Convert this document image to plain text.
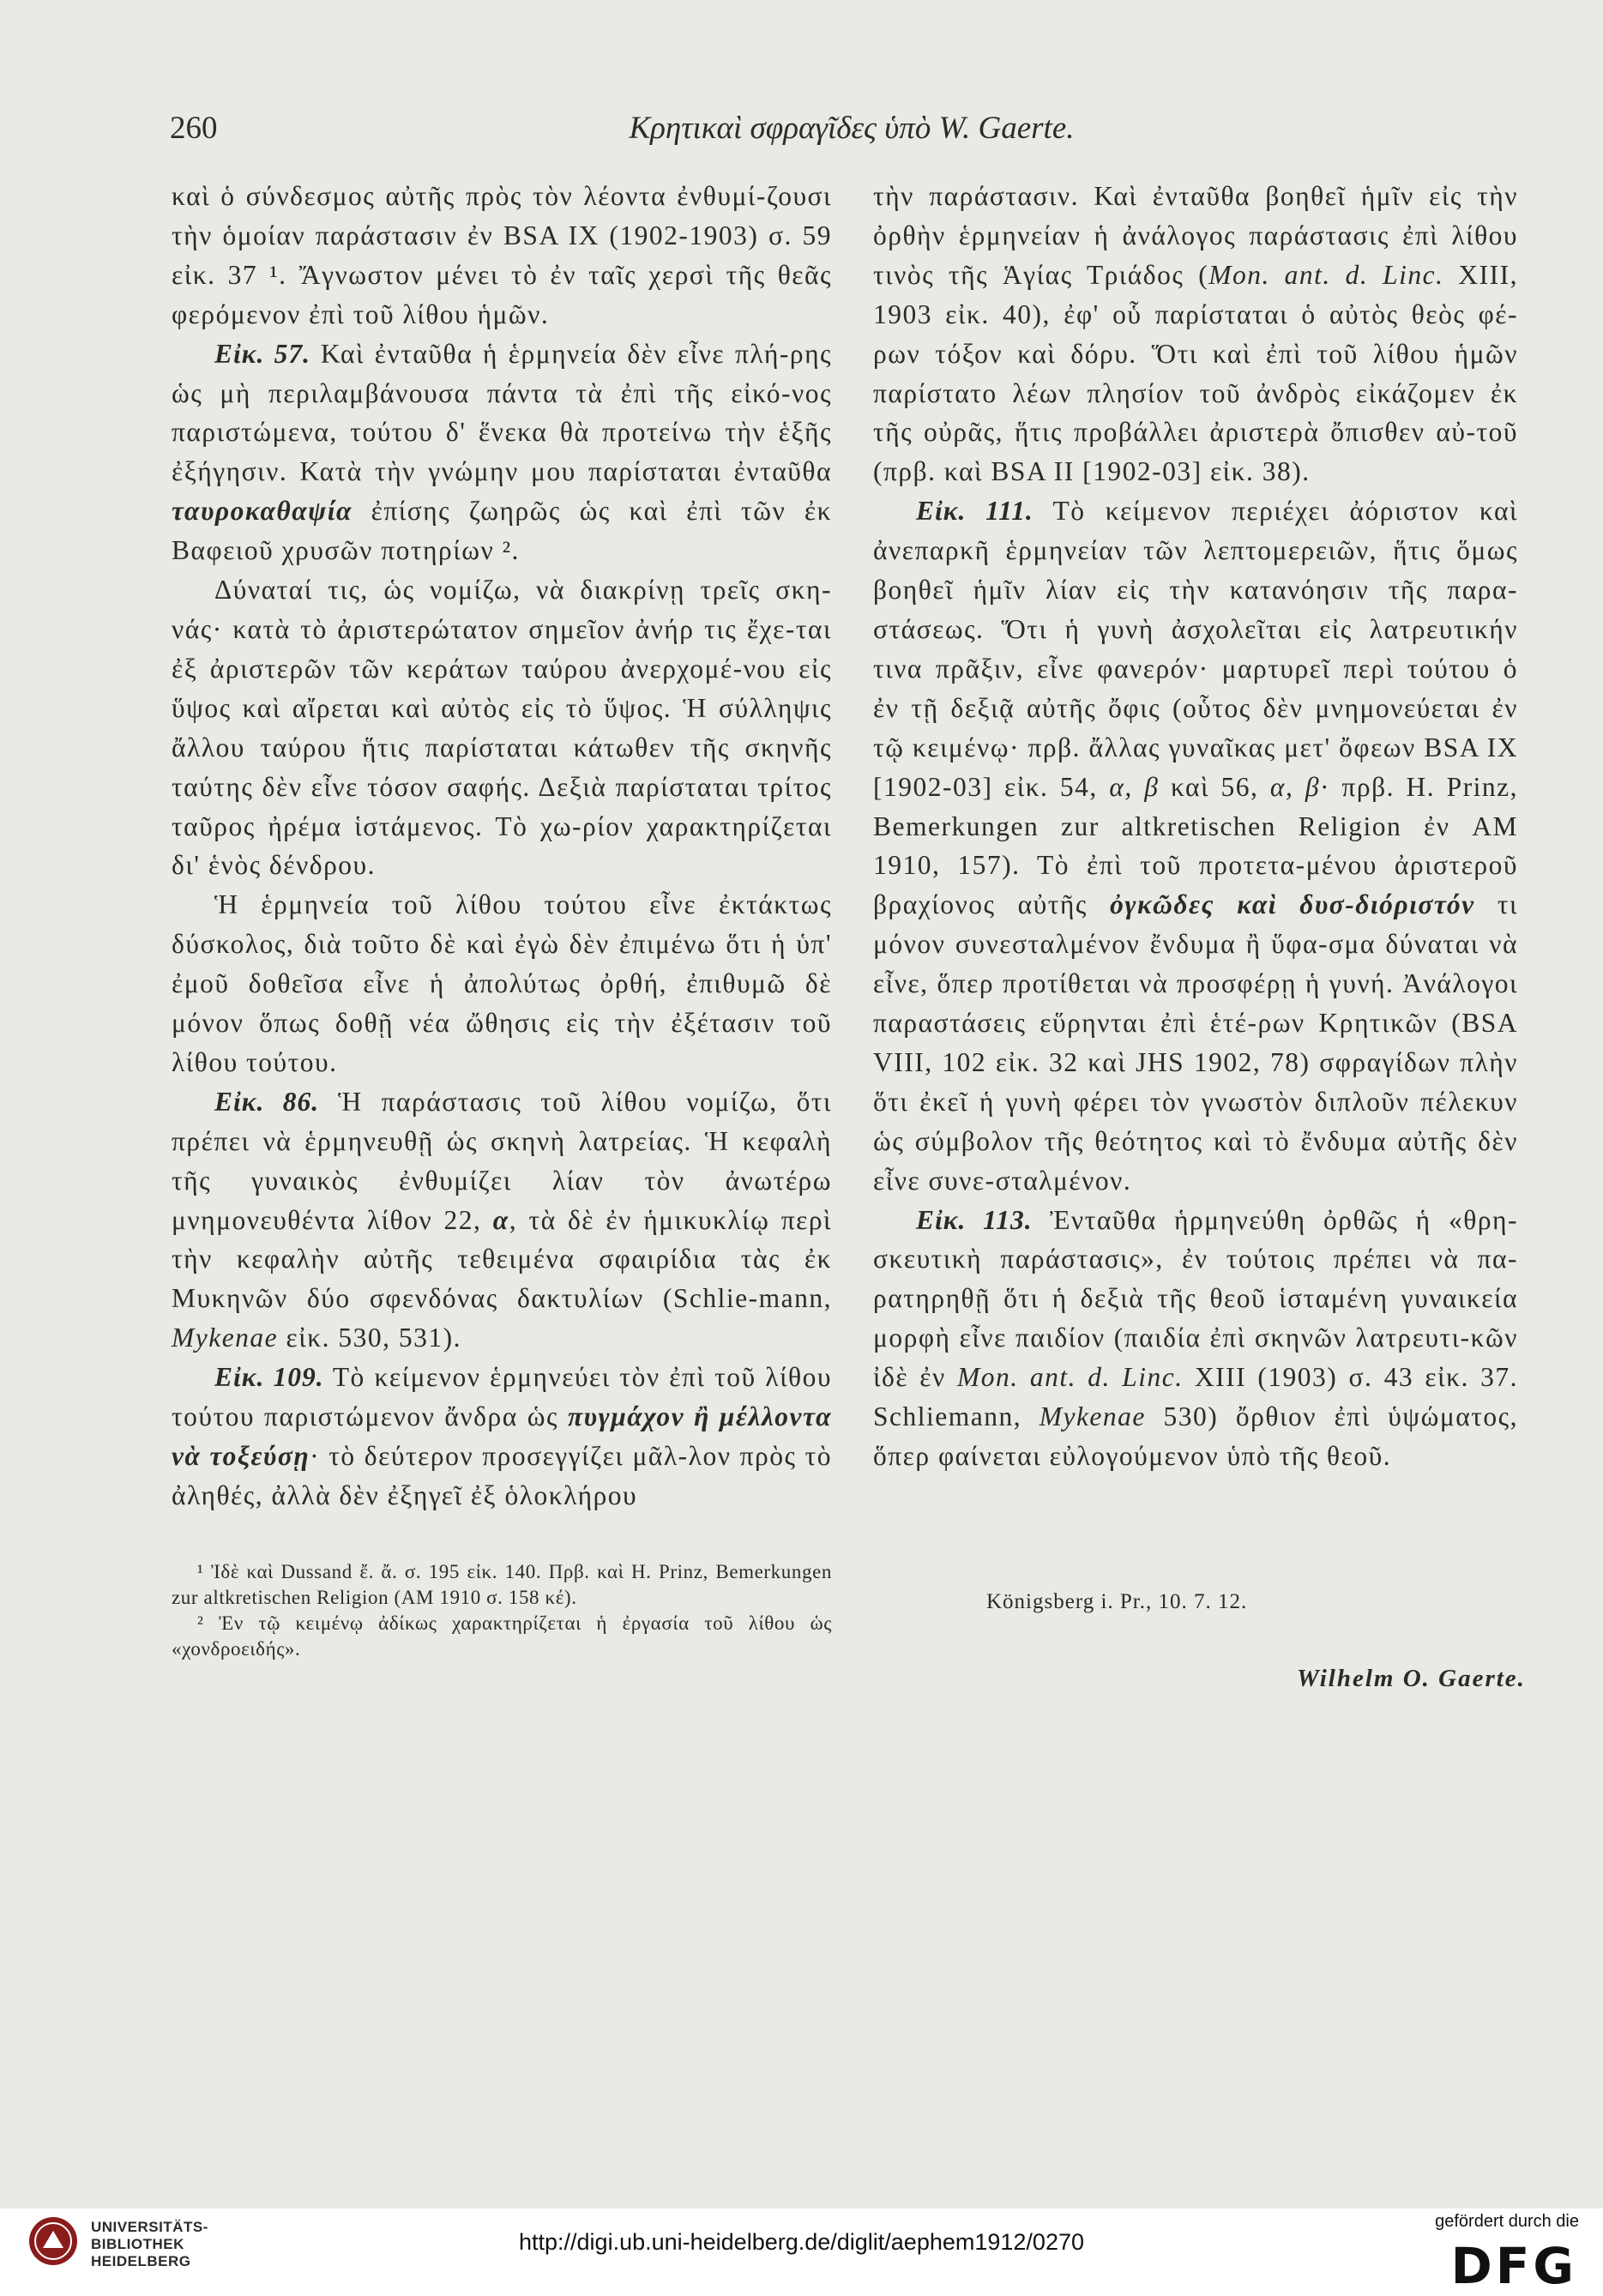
260	Κρητικαὶ σφραγῖδες ὑπὸ W. Gaerte.

καὶ ὁ σύνδεσμος αὐτῆς πρὸς τὸν λέοντα ἐνθυμί-ζουσι τὴν ὁμοίαν παράστασιν ἐν BSA IX (1902-1903) σ. 59 εἰκ. 37 ¹. Ἄγνωστον μένει τὸ ἐν ταῖς χερσὶ τῆς θεᾶς φερόμενον ἐπὶ τοῦ λίθου ἡμῶν.

Εἰκ. 57. Καὶ ἐνταῦθα ἡ ἑρμηνεία δὲν εἶνε πλή-ρης ὡς μὴ περιλαμβάνουσα πάντα τὰ ἐπὶ τῆς εἰκό-νος παριστώμενα, τούτου δ' ἕνεκα θὰ προτείνω τὴν ἑξῆς ἐξήγησιν. Κατὰ τὴν γνώμην μου παρίσταται ἐνταῦθα ταυροκαθαψία ἐπίσης ζωηρῶς ὡς καὶ ἐπὶ τῶν ἐκ Βαφειοῦ χρυσῶν ποτηρίων ².

Δύναταί τις, ὡς νομίζω, νὰ διακρίνῃ τρεῖς σκη-νάς· κατὰ τὸ ἀριστερώτατον σημεῖον ἀνήρ τις ἔχε-ται ἐξ ἀριστερῶν τῶν κεράτων ταύρου ἀνερχομέ-νου εἰς ὕψος καὶ αἴρεται καὶ αὐτὸς εἰς τὸ ὕψος. Ἡ σύλληψις ἄλλου ταύρου ἥτις παρίσταται κάτωθεν τῆς σκηνῆς ταύτης δὲν εἶνε τόσον σαφής. Δεξιὰ παρίσταται τρίτος ταῦρος ἠρέμα ἱστάμενος. Τὸ χω-ρίον χαρακτηρίζεται δι' ἑνὸς δένδρου.

Ἡ ἑρμηνεία τοῦ λίθου τούτου εἶνε ἐκτάκτως δύσκολος, διὰ τοῦτο δὲ καὶ ἐγὼ δὲν ἐπιμένω ὅτι ἡ ὑπ' ἐμοῦ δοθεῖσα εἶνε ἡ ἀπολύτως ὀρθή, ἐπιθυμῶ δὲ μόνον ὅπως δοθῇ νέα ὤθησις εἰς τὴν ἐξέτασιν τοῦ λίθου τούτου.

Εἰκ. 86. Ἡ παράστασις τοῦ λίθου νομίζω, ὅτι πρέπει νὰ ἑρμηνευθῇ ὡς σκηνὴ λατρείας. Ἡ κεφαλὴ τῆς γυναικὸς ἐνθυμίζει λίαν τὸν ἀνωτέρω μνημονευθέντα λίθον 22, α, τὰ δὲ ἐν ἡμικυκλίῳ περὶ τὴν κεφαλὴν αὐτῆς τεθειμένα σφαιρίδια τὰς ἐκ Μυκηνῶν δύο σφενδόνας δακτυλίων (Schlie-mann, Mykenae εἰκ. 530, 531).

Εἰκ. 109. Τὸ κείμενον ἑρμηνεύει τὸν ἐπὶ τοῦ λίθου τούτου παριστώμενον ἄνδρα ὡς πυγμάχον ἢ μέλλοντα νὰ τοξεύσῃ· τὸ δεύτερον προσεγγίζει μᾶλ-λον πρὸς τὸ ἀληθές, ἀλλὰ δὲν ἐξηγεῖ ἐξ ὁλοκλήρου

¹ Ἰδὲ καὶ Dussand ἔ. ἄ. σ. 195 εἰκ. 140. Πρβ. καὶ H. Prinz, Bemerkungen zur altkretischen Religion (AM 1910 σ. 158 κέ).

² Ἐν τῷ κειμένῳ ἀδίκως χαρακτηρίζεται ἡ ἐργασία τοῦ λίθου ὡς «χονδροειδής».

τὴν παράστασιν. Καὶ ἐνταῦθα βοηθεῖ ἡμῖν εἰς τὴν ὀρθὴν ἑρμηνείαν ἡ ἀνάλογος παράστασις ἐπὶ λίθου τινὸς τῆς Ἁγίας Τριάδος (Mon. ant. d. Linc. XIII, 1903 εἰκ. 40), ἐφ' οὗ παρίσταται ὁ αὐτὸς θεὸς φέ-ρων τόξον καὶ δόρυ. Ὅτι καὶ ἐπὶ τοῦ λίθου ἡμῶν παρίστατο λέων πλησίον τοῦ ἀνδρὸς εἰκάζομεν ἐκ τῆς οὐρᾶς, ἥτις προβάλλει ἀριστερὰ ὄπισθεν αὐ-τοῦ (πρβ. καὶ BSA II [1902-03] εἰκ. 38).

Εἰκ. 111. Τὸ κείμενον περιέχει ἀόριστον καὶ ἀνεπαρκῆ ἑρμηνείαν τῶν λεπτομερειῶν, ἥτις ὅμως βοηθεῖ ἡμῖν λίαν εἰς τὴν κατανόησιν τῆς παρα-στάσεως. Ὅτι ἡ γυνὴ ἀσχολεῖται εἰς λατρευτικήν τινα πρᾶξιν, εἶνε φανερόν· μαρτυρεῖ περὶ τούτου ὁ ἐν τῇ δεξιᾷ αὐτῆς ὄφις (οὗτος δὲν μνημονεύεται ἐν τῷ κειμένῳ· πρβ. ἄλλας γυναῖκας μετ' ὄφεων BSA IX [1902-03] εἰκ. 54, α, β καὶ 56, α, β· πρβ. H. Prinz, Bemerkungen zur altkretischen Religion ἐν AM 1910, 157). Τὸ ἐπὶ τοῦ προτετα-μένου ἀριστεροῦ βραχίονος αὐτῆς ὀγκῶδες καὶ δυσ-διόριστόν τι μόνον συνεσταλμένον ἔνδυμα ἢ ὕφα-σμα δύναται νὰ εἶνε, ὅπερ προτίθεται νὰ προσφέρῃ ἡ γυνή. Ἀνάλογοι παραστάσεις εὕρηνται ἐπὶ ἑτέ-ρων Κρητικῶν (BSA VIII, 102 εἰκ. 32 καὶ JHS 1902, 78) σφραγίδων πλὴν ὅτι ἐκεῖ ἡ γυνὴ φέρει τὸν γνωστὸν διπλοῦν πέλεκυν ὡς σύμβολον τῆς θεότητος καὶ τὸ ἔνδυμα αὐτῆς δὲν εἶνε συνε-σταλμένον.

Εἰκ. 113. Ἐνταῦθα ἡρμηνεύθη ὀρθῶς ἡ «θρη-σκευτικὴ παράστασις», ἐν τούτοις πρέπει νὰ πα-ρατηρηθῇ ὅτι ἡ δεξιὰ τῆς θεοῦ ἱσταμένη γυναικεία μορφὴ εἶνε παιδίον (παιδία ἐπὶ σκηνῶν λατρευτι-κῶν ἰδὲ ἐν Mon. ant. d. Linc. XIII (1903) σ. 43 εἰκ. 37. Schliemann, Mykenae 530) ὄρθιον ἐπὶ ὑψώματος, ὅπερ φαίνεται εὐλογούμενον ὑπὸ τῆς θεοῦ.

Königsberg i. Pr., 10. 7. 12.
Wilhelm O. Gaerte.
UNIVERSITÄTS-
BIBLIOTHEK
HEIDELBERG
http://digi.ub.uni-heidelberg.de/diglit/aephem1912/0270
gefördert durch die
DFG
